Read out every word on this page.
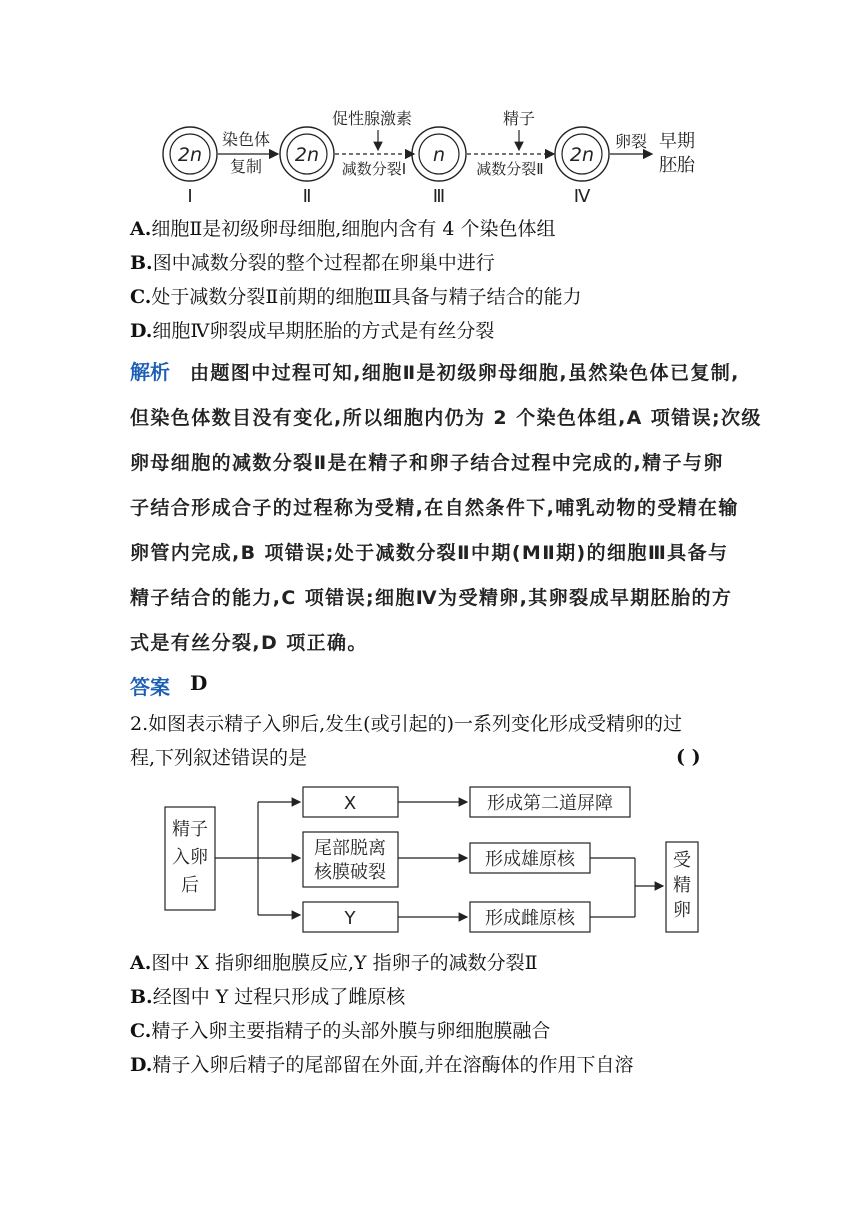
2n
Ⅰ
染色体
复制
2n
Ⅱ
促性腺激素
减数分裂Ⅰ
n
Ⅲ
精子
减数分裂Ⅱ
2n
Ⅳ
卵裂 早期
胚胎
A.细胞Ⅱ是初级卵母细胞,细胞内含有 4 个染色体组
B.图中减数分裂的整个过程都在卵巢中进行
C.处于减数分裂Ⅱ前期的细胞Ⅲ具备与精子结合的能力
D.细胞Ⅳ卵裂成早期胚胎的方式是有丝分裂
解析 由题图中过程可知,细胞Ⅱ是初级卵母细胞,虽然染色体已复制,
但染色体数目没有变化,所以细胞内仍为 2 个染色体组,A 项错误;次级
卵母细胞的减数分裂Ⅱ是在精子和卵子结合过程中完成的,精子与卵
子结合形成合子的过程称为受精,在自然条件下,哺乳动物的受精在输
卵管内完成,B 项错误;处于减数分裂Ⅱ中期(MⅡ期)的细胞Ⅲ具备与
精子结合的能力,C 项错误;细胞Ⅳ为受精卵,其卵裂成早期胚胎的方
式是有丝分裂,D 项正确。
答案 D
2.如图表示精子入卵后,发生(或引起的)一系列变化形成受精卵的过
程,下列叙述错误的是	( )
精子
入卵
后
X
尾部脱离
核膜破裂
Y
形成第二道屏障
形成雄原核
形成雌原核
受
精
卵
A.图中 X 指卵细胞膜反应,Y 指卵子的减数分裂Ⅱ
B.经图中 Y 过程只形成了雌原核
C.精子入卵主要指精子的头部外膜与卵细胞膜融合
D.精子入卵后精子的尾部留在外面,并在溶酶体的作用下自溶
